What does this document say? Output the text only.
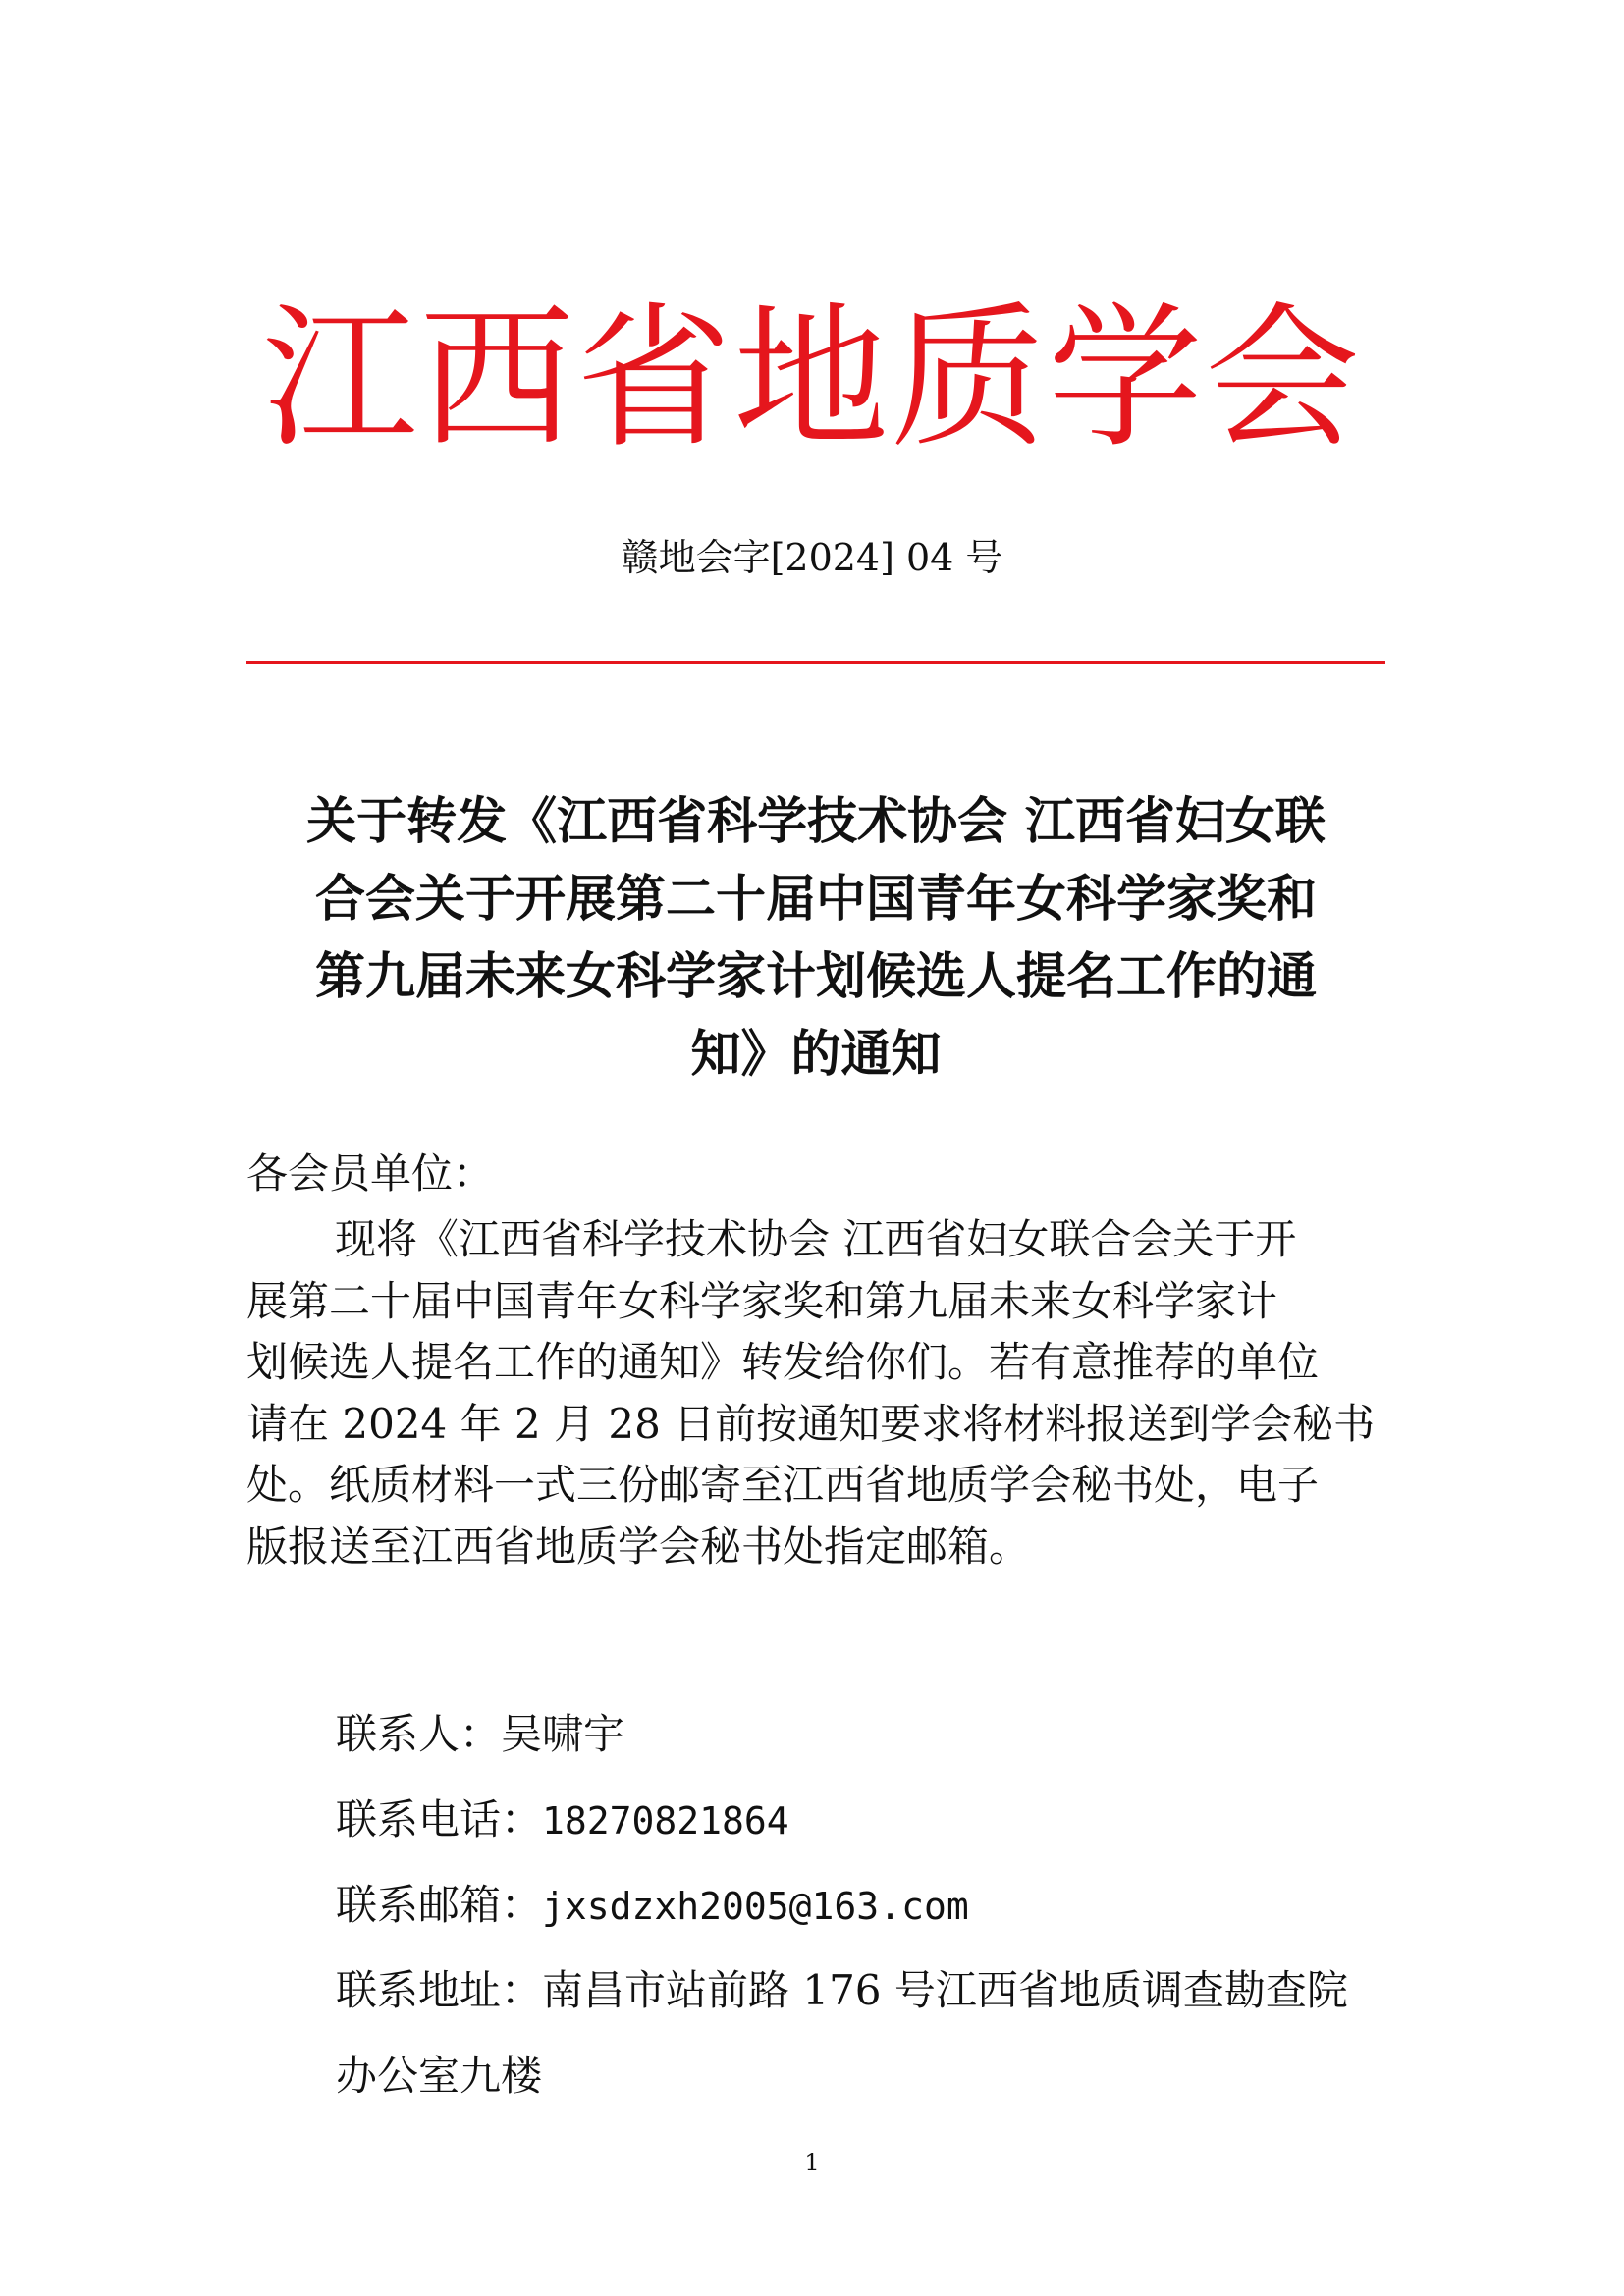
江西省地质学会
赣地会字[2024] 04 号
关于转发《江西省科学技术协会 江西省妇女联
合会关于开展第二十届中国青年女科学家奖和
第九届未来女科学家计划候选人提名工作的通
知》的通知
各会员单位：
现将《江西省科学技术协会 江西省妇女联合会关于开
展第二十届中国青年女科学家奖和第九届未来女科学家计
划候选人提名工作的通知》转发给你们。若有意推荐的单位
请在 2024 年 2 月 28 日前按通知要求将材料报送到学会秘书
处。纸质材料一式三份邮寄至江西省地质学会秘书处，电子
版报送至江西省地质学会秘书处指定邮箱。
联系人：吴啸宇
联系电话：18270821864
联系邮箱：jxsdzxh2005@163.com
联系地址：南昌市站前路 176 号江西省地质调查勘查院
办公室九楼
1
